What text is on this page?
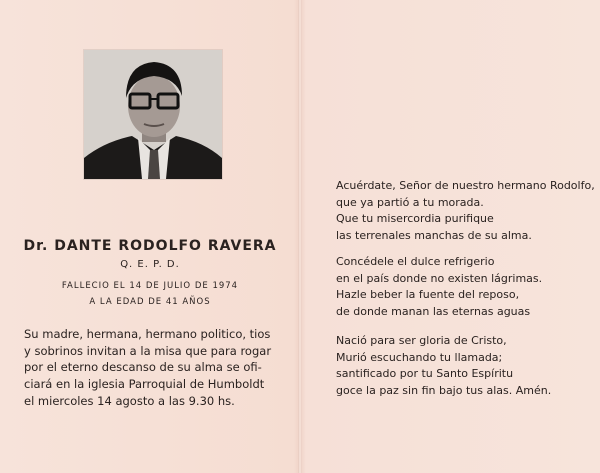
Dr. DANTE RODOLFO RAVERA
Q. E. P. D.
FALLECIO EL 14 DE JULIO DE 1974
A LA EDAD DE 41 AÑOS
Su madre, hermana, hermano politico, tios
y sobrinos invitan a la misa que para rogar
por el eterno descanso de su alma se ofi-
ciará en la iglesia Parroquial de Humboldt
el miercoles 14 agosto a las 9.30 hs.
Acuérdate, Señor de nuestro hermano Rodolfo,
que ya partió a tu morada.
Que tu misercordia purifique
las terrenales manchas de su alma.
Concédele el dulce refrigerio
en el país donde no existen lágrimas.
Hazle beber la fuente del reposo,
de donde manan las eternas aguas
Nació para ser gloria de Cristo,
Murió escuchando tu llamada;
santificado por tu Santo Espíritu
goce la paz sin fin bajo tus alas. Amén.
